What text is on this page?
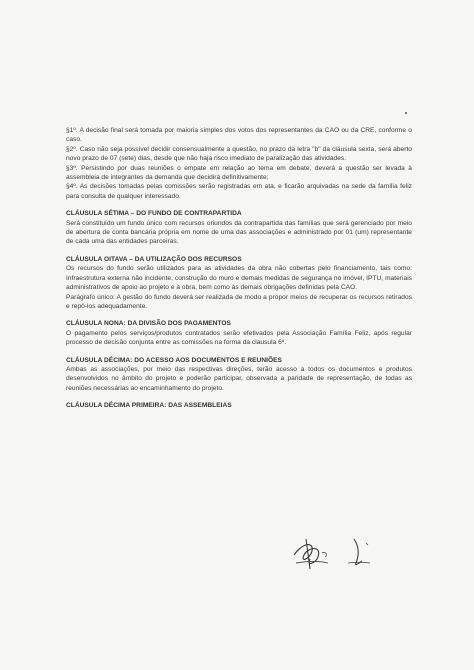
§1º. A decisão final será tomada por maioria simples dos votos dos representantes da CAO ou da CRE, conforme o caso.

§2º. Caso não seja possível decidir consensualmente a questão, no prazo da letra "b" da cláusula sexta, será aberto novo prazo de 07 (sete) dias, desde que não haja risco imediato de paralização das atividades.

§3º. Persistindo por duas reuniões o empate em relação ao tema em debate, deverá a questão ser levada à assembleia de integrantes da demanda que decidirá definitivamente;

§4º. As decisões tomadas pelas comissões serão registradas em ata, e ficarão arquivadas na sede da família feliz para consulta de qualquer interessado.

CLÁUSULA SÉTIMA – DO FUNDO DE CONTRAPARTIDA

Será constituído um fundo único com recursos oriundos da contrapartida das famílias que será gerenciado por meio de abertura de conta bancária própria em nome de uma das associações e administrado por 01 (um) representante de cada uma das entidades parceiras.

CLÁUSULA OITAVA – DA UTILIZAÇÃO DOS RECURSOS

Os recursos do fundo serão utilizados para as atividades da obra não cobertas pelo financiamento, tais como: Infraestrutura externa não incidente, construção do muro e demais medidas de segurança no imóvel, IPTU, materiais administrativos de apoio ao projeto e à obra, bem como às demais obrigações definidas pela CAO.

Parágrafo único: A gestão do fundo deverá ser realizada de modo a propor meios de recuperar os recursos retirados e repô-los adequadamente.

CLÁUSULA NONA: DA DIVISÃO DOS PAGAMENTOS

O pagamento pelos serviços/produtos contratados serão efetivados pela Associação Família Feliz, após regular processo de decisão conjunta entre as comissões na forma da clausula 6ª.

CLÁUSULA DÉCIMA: DO ACESSO AOS DOCUMENTOS E REUNIÕES

Ambas as associações, por meio das respectivas direções, terão acesso a todos os documentos e produtos desenvolvidos no âmbito do projeto e poderão participar, observada a paridade de representação, de todas as reuniões necessárias ao encaminhamento do projeto.

CLÁUSULA DÉCIMA PRIMEIRA: DAS ASSEMBLEIAS
